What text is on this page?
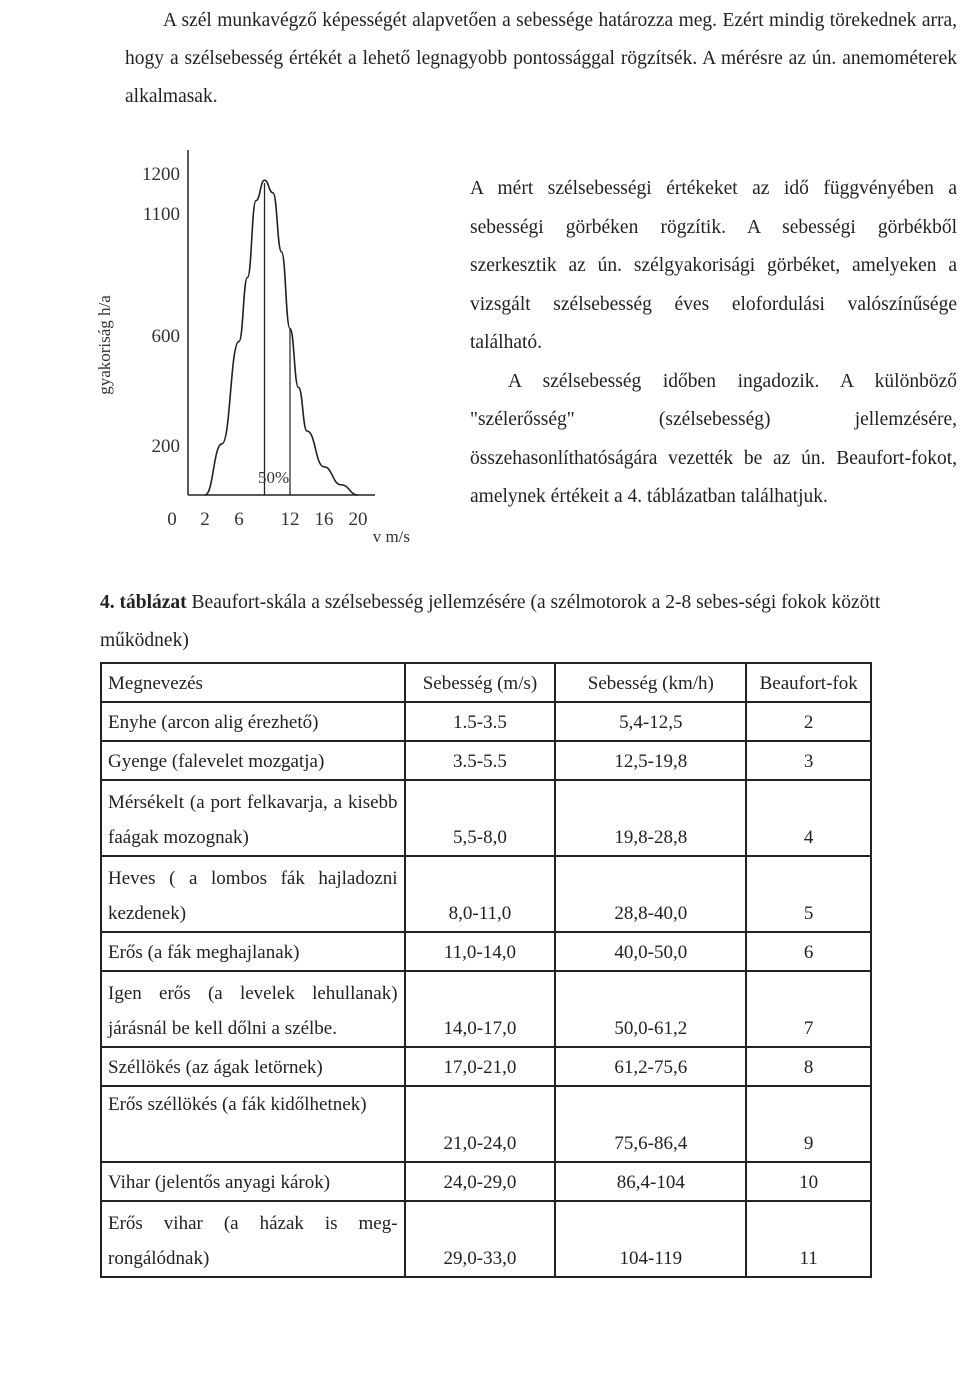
A szél munkavégző képességét alapvetően a sebessége határozza meg. Ezért mindig törekednek arra, hogy a szélsebesség értékét a lehető legnagyobb pontossággal rögzítsék. A mérésre az ún. anemométerek alkalmasak.

1200
1100
600
200
0 2 6 12 16 20
gyakoriság h/a
v m/s
50%

A mért szélsebességi értékeket az idő függvényében a sebességi görbéken rögzítik. A sebességi görbékből szerkesztik az ún. szélgyakorisági görbéket, amelyeken a vizsgált szélsebesség éves elofordulási valószínűsége található.

A szélsebesség időben ingadozik. A különböző "szélerősség" (szélsebesség) jellemzésére, összehasonlíthatóságára vezették be az ún. Beaufort-fokot, amelynek értékeit a 4. táblázatban találhatjuk.

4. táblázat Beaufort-skála a szélsebesség jellemzésére (a szélmotorok a 2-8 sebes-ségi fokok között működnek)

Megnevezés	Sebesség (m/s)	Sebesség (km/h)	Beaufort-fok
Enyhe (arcon alig érezhető)	1.5-3.5	5,4-12,5	2
Gyenge (falevelet mozgatja)	3.5-5.5	12,5-19,8	3
Mérsékelt (a port felkavarja, a kisebb faágak mozognak)	5,5-8,0	19,8-28,8	4
Heves ( a lombos fák hajladozni kezdenek)	8,0-11,0	28,8-40,0	5
Erős (a fák meghajlanak)	11,0-14,0	40,0-50,0	6
Igen erős (a levelek lehullanak) járásnál be kell dőlni a szélbe.	14,0-17,0	50,0-61,2	7
Széllökés (az ágak letörnek)	17,0-21,0	61,2-75,6	8
Erős széllökés (a fák kidőlhetnek)	21,0-24,0	75,6-86,4	9
Vihar (jelentős anyagi károk)	24,0-29,0	86,4-104	10
Erős vihar (a házak is meg-rongálódnak)	29,0-33,0	104-119	11
